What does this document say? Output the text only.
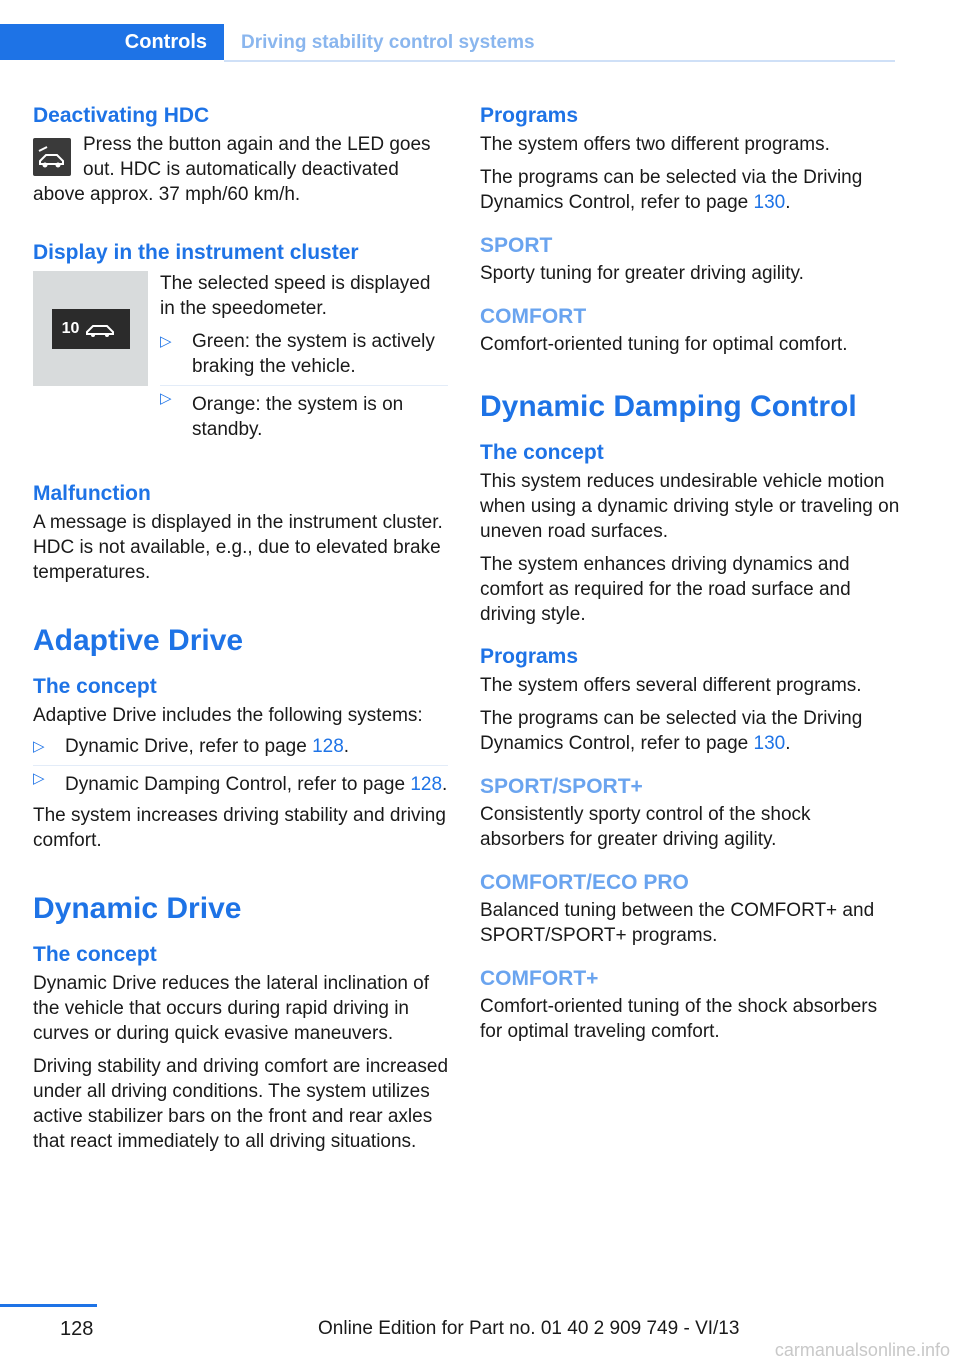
Controls	Driving stability control systems
Deactivating HDC

Press the button again and the LED goes out. HDC is automatically deactivated

above approx. 37 mph/60 km/h.

Display in the instrument cluster
10

The selected speed is displayed in the speedometer.

▷ Green: the system is actively braking the vehicle.
▷ Orange: the system is on standby.
Malfunction

A message is displayed in the instrument cluster. HDC is not available, e.g., due to elevated brake temperatures.

Adaptive Drive
The concept

Adaptive Drive includes the following systems:

▷ Dynamic Drive, refer to page 128.
▷ Dynamic Damping Control, refer to page 128.

The system increases driving stability and driving comfort.

Dynamic Drive
The concept

Dynamic Drive reduces the lateral inclination of the vehicle that occurs during rapid driving in curves or during quick evasive maneuvers.

Driving stability and driving comfort are increased under all driving conditions. The system utilizes active stabilizer bars on the front and rear axles that react immediately to all driving situations.

Programs

The system offers two different programs.

The programs can be selected via the Driving Dynamics Control, refer to page 130.

SPORT

Sporty tuning for greater driving agility.

COMFORT

Comfort-oriented tuning for optimal comfort.

Dynamic Damping Control
The concept

This system reduces undesirable vehicle motion when using a dynamic driving style or traveling on uneven road surfaces.

The system enhances driving dynamics and comfort as required for the road surface and driving style.

Programs

The system offers several different programs.

The programs can be selected via the Driving Dynamics Control, refer to page 130.

SPORT/SPORT+

Consistently sporty control of the shock absorbers for greater driving agility.

COMFORT/ECO PRO

Balanced tuning between the COMFORT+ and SPORT/SPORT+ programs.

COMFORT+

Comfort-oriented tuning of the shock absorbers for optimal traveling comfort.

128	Online Edition for Part no. 01 40 2 909 749 - VI/13
carmanualsonline.info
